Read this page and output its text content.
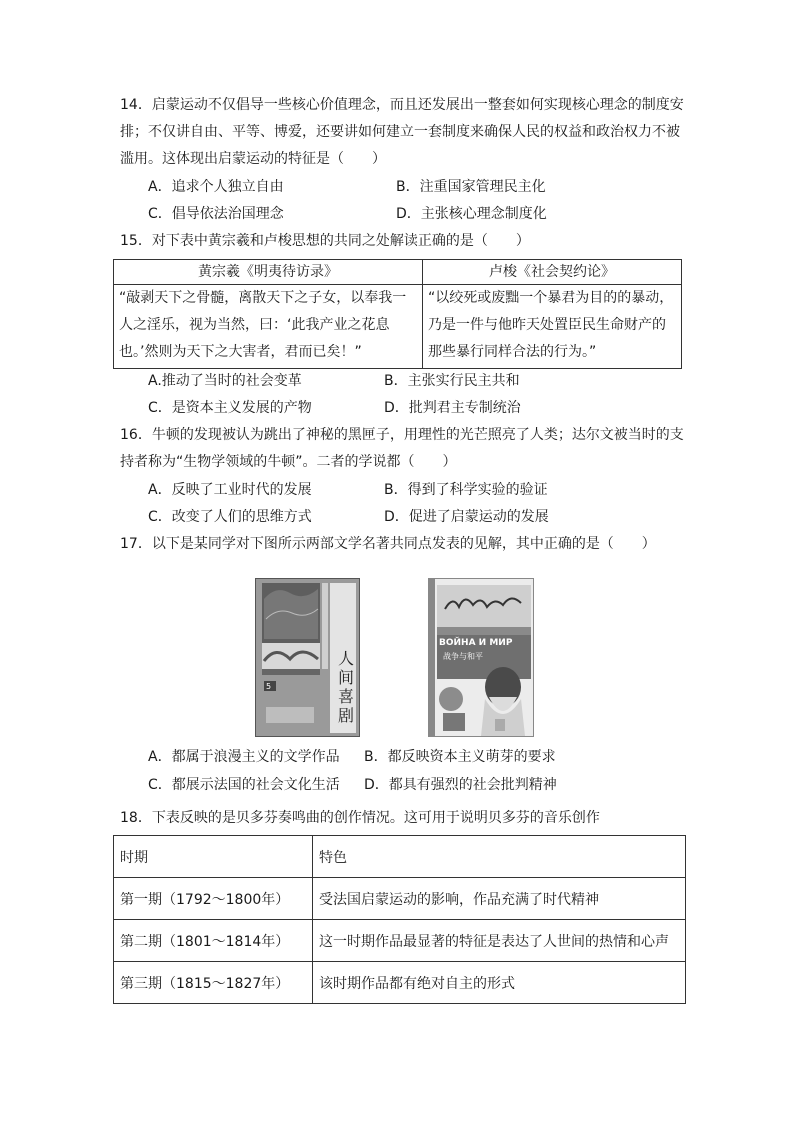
14．启蒙运动不仅倡导一些核心价值理念，而且还发展出一整套如何实现核心理念的制度安
排；不仅讲自由、平等、博爱，还要讲如何建立一套制度来确保人民的权益和政治权力不被
滥用。这体现出启蒙运动的特征是（　　）
A．追求个人独立自由	B．注重国家管理民主化
C．倡导依法治国理念	D．主张核心理念制度化
15．对下表中黄宗羲和卢梭思想的共同之处解读正确的是（　　）
黄宗羲《明夷待访录》	卢梭《社会契约论》
“敲剥天下之骨髓，离散天下之子女，以奉我一人之淫乐，视为当然，曰：‘此我产业之花息也。’然则为天下之大害者，君而已矣！”	“以绞死或废黜一个暴君为目的的暴动，乃是一件与他昨天处置臣民生命财产的那些暴行同样合法的行为。”
A.推动了当时的社会变革	B．主张实行民主共和
C．是资本主义发展的产物	D．批判君主专制统治
16．牛顿的发现被认为跳出了神秘的黑匣子，用理性的光芒照亮了人类；达尔文被当时的支
持者称为“生物学领域的牛顿”。二者的学说都（　　）
A．反映了工业时代的发展	B．得到了科学实验的验证
C．改变了人们的思维方式	D．促进了启蒙运动的发展
17．以下是某同学对下图所示两部文学名著共同点发表的见解，其中正确的是（　　）
人
间
喜
剧
5
ВОЙНА И МИР
战争与和平
A．都属于浪漫主义的文学作品 B．都反映资本主义萌芽的要求
C．都展示法国的社会文化生活 D．都具有强烈的社会批判精神
18．下表反映的是贝多芬奏鸣曲的创作情况。这可用于说明贝多芬的音乐创作
时期	特色
第一期（1792～1800年）	受法国启蒙运动的影响，作品充满了时代精神
第二期（1801～1814年）	这一时期作品最显著的特征是表达了人世间的热情和心声
第三期（1815～1827年）	该时期作品都有绝对自主的形式
